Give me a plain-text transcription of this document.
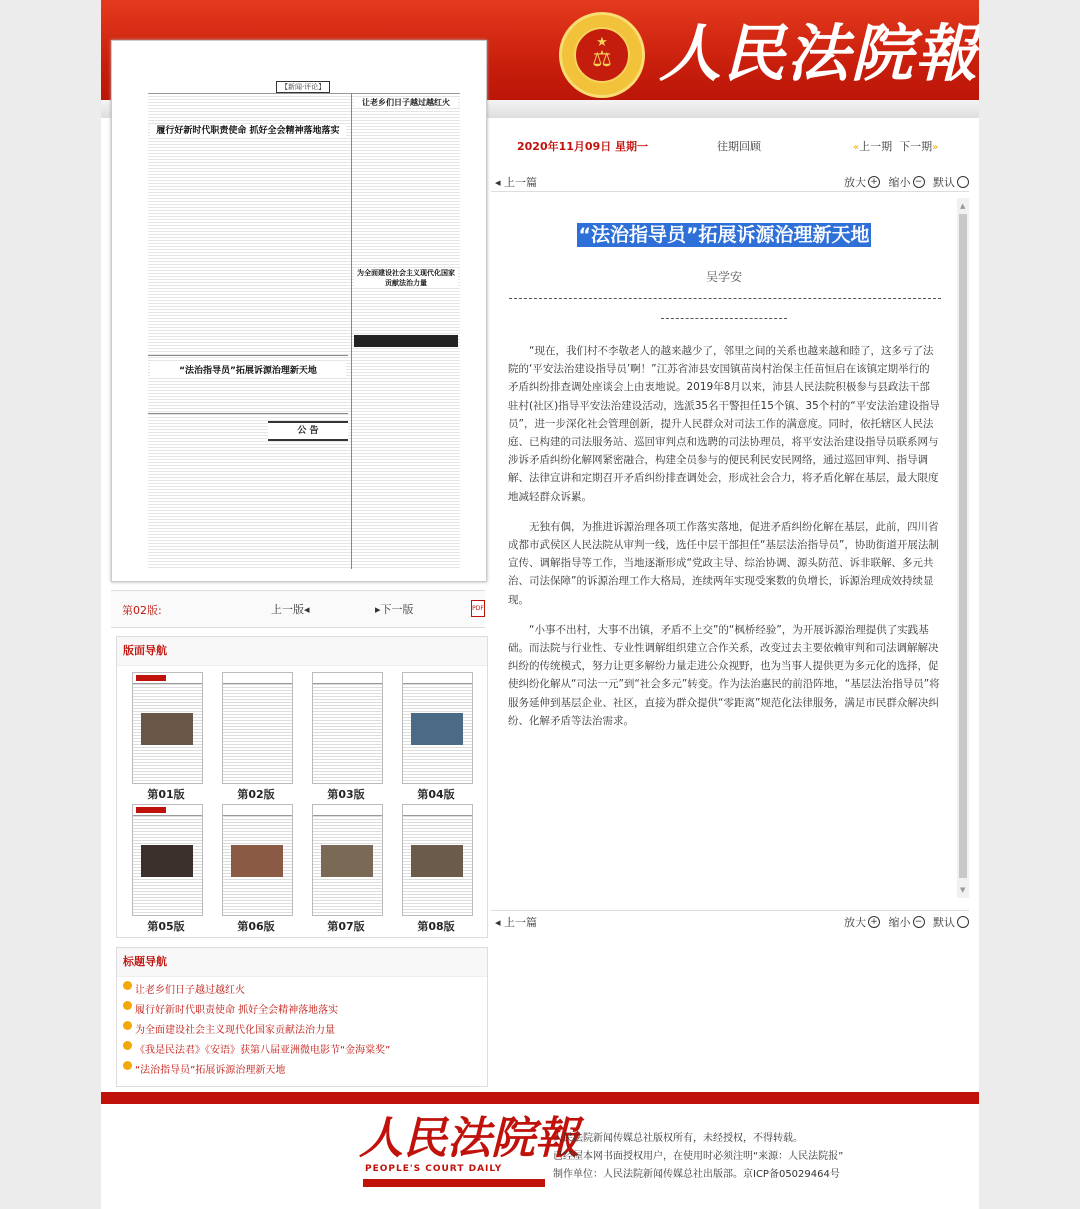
★
⚖ 人民法院報
【新闻·评论】
让老乡们日子越过越红火
履行好新时代职责使命 抓好全会精神落地落实
为全面建设社会主义现代化国家贡献法治力量
“法治指导员”拓展诉源治理新天地
公 告
第02版:	上一版◂	▸下一版	PDF
版面导航
第01版	第02版	第03版	第04版
第05版	第06版	第07版	第08版
标题导航
让老乡们日子越过越红火
履行好新时代职责使命 抓好全会精神落地落实
为全面建设社会主义现代化国家贡献法治力量
《我是民法君》《安语》获第八届亚洲微电影节“金海棠奖”
“法治指导员”拓展诉源治理新天地
2020年11月09日 星期一	往期回顾	«上一期 下一期»
◂ 上一篇	放大 + 缩小 − 默认
“法治指导员”拓展诉源治理新天地
吴学安

“现在，我们村不李敬老人的越来越少了，邻里之间的关系也越来越和睦了，这多亏了法院的‘平安法治建设指导员’啊！”江苏省沛县安国镇苗岗村治保主任苗恒启在该镇定期举行的矛盾纠纷排查调处座谈会上由衷地说。2019年8月以来，沛县人民法院积极参与县政法干部驻村(社区)指导平安法治建设活动，选派35名干警担任15个镇、35个村的“平安法治建设指导员”，进一步深化社会管理创新，提升人民群众对司法工作的满意度。同时，依托辖区人民法庭、已构建的司法服务站、巡回审判点和选聘的司法协理员，将平安法治建设指导员联系网与涉诉矛盾纠纷化解网紧密融合，构建全员参与的便民利民安民网络，通过巡回审判、指导调解、法律宣讲和定期召开矛盾纠纷排查调处会，形成社会合力，将矛盾化解在基层，最大限度地减轻群众诉累。

无独有偶，为推进诉源治理各项工作落实落地，促进矛盾纠纷化解在基层，此前，四川省成都市武侯区人民法院从审判一线，选任中层干部担任“基层法治指导员”，协助街道开展法制宣传、调解指导等工作，当地逐渐形成“党政主导、综治协调、源头防范、诉非联解、多元共治、司法保障”的诉源治理工作大格局，连续两年实现受案数的负增长，诉源治理成效持续显现。

“小事不出村，大事不出镇，矛盾不上交”的“枫桥经验”，为开展诉源治理提供了实践基础。而法院与行业性、专业性调解组织建立合作关系，改变过去主要依赖审判和司法调解解决纠纷的传统模式，努力让更多解纷力量走进公众视野，也为当事人提供更为多元化的选择，促使纠纷化解从“司法一元”到“社会多元”转变。作为法治惠民的前沿阵地，“基层法治指导员”将服务延伸到基层企业、社区，直接为群众提供“零距离”规范化法律服务，满足市民群众解决纠纷、化解矛盾等法治需求。

▲
▼
◂ 上一篇	放大 + 缩小 − 默认
人民法院報
PEOPLE'S COURT DAILY
人民法院新闻传媒总社版权所有，未经授权，不得转载。
已经屋本网书面授权用户，在使用时必须注明“来源：人民法院报”
制作单位：人民法院新闻传媒总社出版部。京ICP备05029464号
